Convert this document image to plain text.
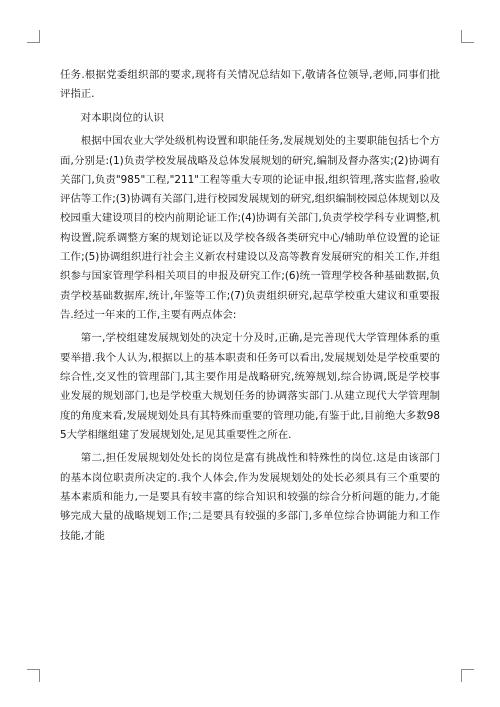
任务.根据党委组织部的要求,现将有关情况总结如下,敬请各位领导,老师,同事们批评指正.

对本职岗位的认识

根据中国农业大学处级机构设置和职能任务,发展规划处的主要职能包括七个方面,分别是:(1)负责学校发展战略及总体发展规划的研究,编制及督办落实;(2)协调有关部门,负责"985"工程,"211"工程等重大专项的论证申报,组织管理,落实监督,验收评估等工作;(3)协调有关部门,进行校园发展规划的研究,组织编制校园总体规划以及校园重大建设项目的校内前期论证工作;(4)协调有关部门,负责学校学科专业调整,机构设置,院系调整方案的规划论证以及学校各级各类研究中心/辅助单位设置的论证工作;(5)协调组织进行社会主义新农村建设以及高等教育发展研究的相关工作,并组织参与国家管理学科相关项目的申报及研究工作;(6)统一管理学校各种基础数据,负责学校基础数据库,统计,年鉴等工作;(7)负责组织研究,起草学校重大建议和重要报告.经过一年来的工作,主要有两点体会:

第一,学校组建发展规划处的决定十分及时,正确,是完善现代大学管理体系的重要举措.我个人认为,根据以上的基本职责和任务可以看出,发展规划处是学校重要的综合性,交叉性的管理部门,其主要作用是战略研究,统筹规划,综合协调,既是学校事业发展的规划部门,也是学校重大规划任务的协调落实部门.从建立现代大学管理制度的角度来看,发展规划处具有其特殊而重要的管理功能,有鉴于此,目前绝大多数985大学相继组建了发展规划处,足见其重要性之所在.

第二,担任发展规划处处长的岗位是富有挑战性和特殊性的岗位.这是由该部门的基本岗位职责所决定的.我个人体会,作为发展规划处的处长必须具有三个重要的基本素质和能力,一是要具有较丰富的综合知识和较强的综合分析问题的能力,才能够完成大量的战略规划工作;二是要具有较强的多部门,多单位综合协调能力和工作技能,才能
